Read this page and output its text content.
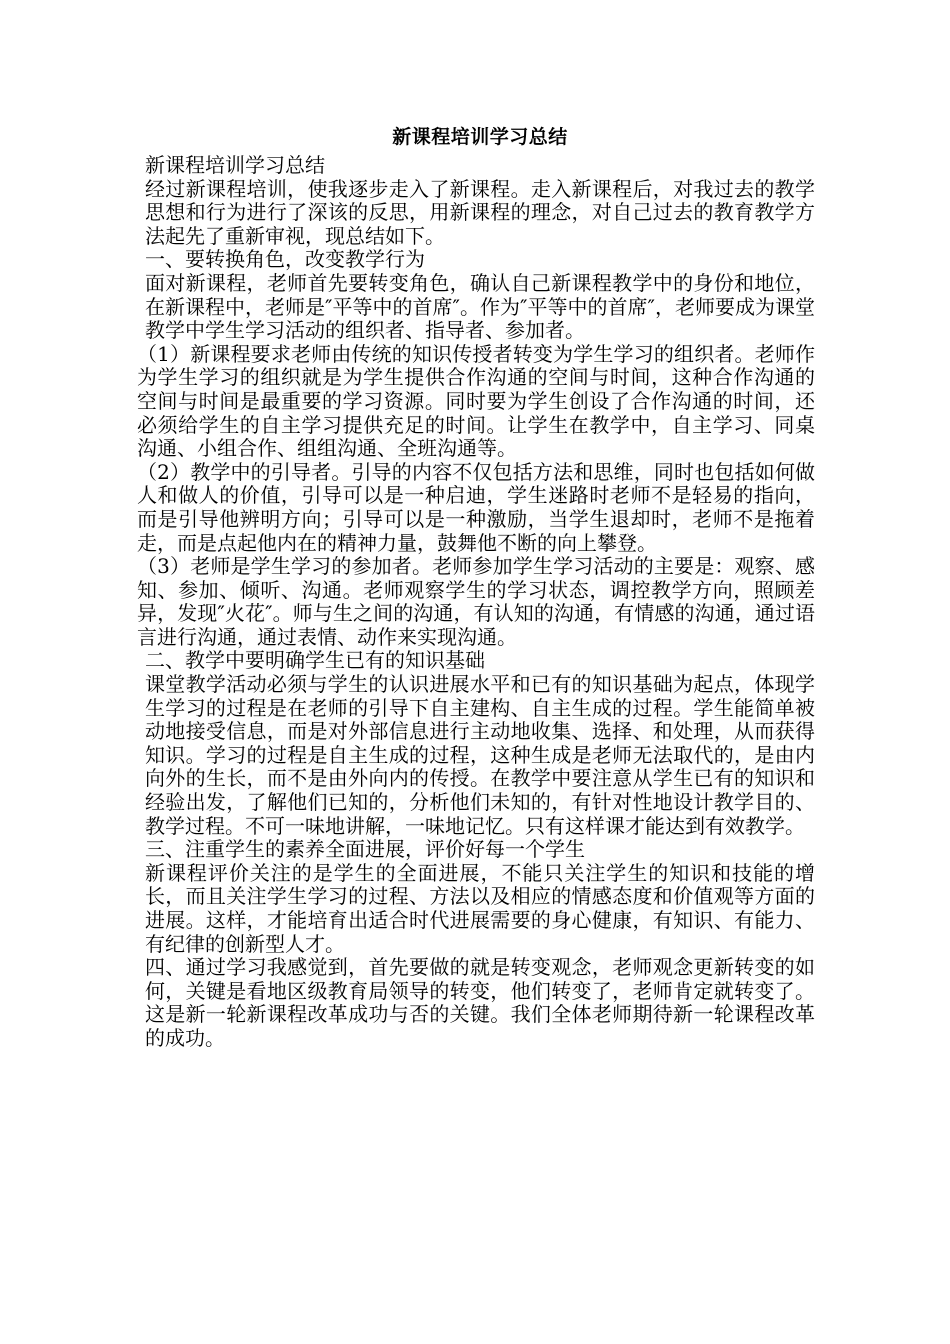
新课程培训学习总结

新课程培训学习总结

经过新课程培训，使我逐步走入了新课程。走入新课程后，对我过去的教学思想和行为进行了深该的反思，用新课程的理念，对自己过去的教育教学方法起先了重新审视，现总结如下。

一、要转换角色，改变教学行为

面对新课程，老师首先要转变角色，确认自己新课程教学中的身份和地位，在新课程中，老师是″平等中的首席″。作为″平等中的首席″，老师要成为课堂教学中学生学习活动的组织者、指导者、参加者。

（1）新课程要求老师由传统的知识传授者转变为学生学习的组织者。老师作为学生学习的组织就是为学生提供合作沟通的空间与时间，这种合作沟通的空间与时间是最重要的学习资源。同时要为学生创设了合作沟通的时间，还必须给学生的自主学习提供充足的时间。让学生在教学中，自主学习、同桌沟通、小组合作、组组沟通、全班沟通等。

（2）教学中的引导者。引导的内容不仅包括方法和思维，同时也包括如何做人和做人的价值，引导可以是一种启迪，学生迷路时老师不是轻易的指向，而是引导他辨明方向；引导可以是一种激励，当学生退却时，老师不是拖着走，而是点起他内在的精神力量，鼓舞他不断的向上攀登。

（3）老师是学生学习的参加者。老师参加学生学习活动的主要是：观察、感知、参加、倾听、沟通。老师观察学生的学习状态，调控教学方向，照顾差异，发现″火花″。师与生之间的沟通，有认知的沟通，有情感的沟通，通过语言进行沟通，通过表情、动作来实现沟通。

二、教学中要明确学生已有的知识基础

课堂教学活动必须与学生的认识进展水平和已有的知识基础为起点，体现学生学习的过程是在老师的引导下自主建构、自主生成的过程。学生能简单被动地接受信息，而是对外部信息进行主动地收集、选择、和处理，从而获得知识。学习的过程是自主生成的过程，这种生成是老师无法取代的，是由内向外的生长，而不是由外向内的传授。在教学中要注意从学生已有的知识和经验出发，了解他们已知的，分析他们未知的，有针对性地设计教学目的、教学过程。不可一味地讲解，一味地记忆。只有这样课才能达到有效教学。

三、注重学生的素养全面进展，评价好每一个学生

新课程评价关注的是学生的全面进展，不能只关注学生的知识和技能的增长，而且关注学生学习的过程、方法以及相应的情感态度和价值观等方面的进展。这样，才能培育出适合时代进展需要的身心健康，有知识、有能力、有纪律的创新型人才。

四、通过学习我感觉到，首先要做的就是转变观念，老师观念更新转变的如何，关键是看地区级教育局领导的转变，他们转变了，老师肯定就转变了。这是新一轮新课程改革成功与否的关键。我们全体老师期待新一轮课程改革的成功。
